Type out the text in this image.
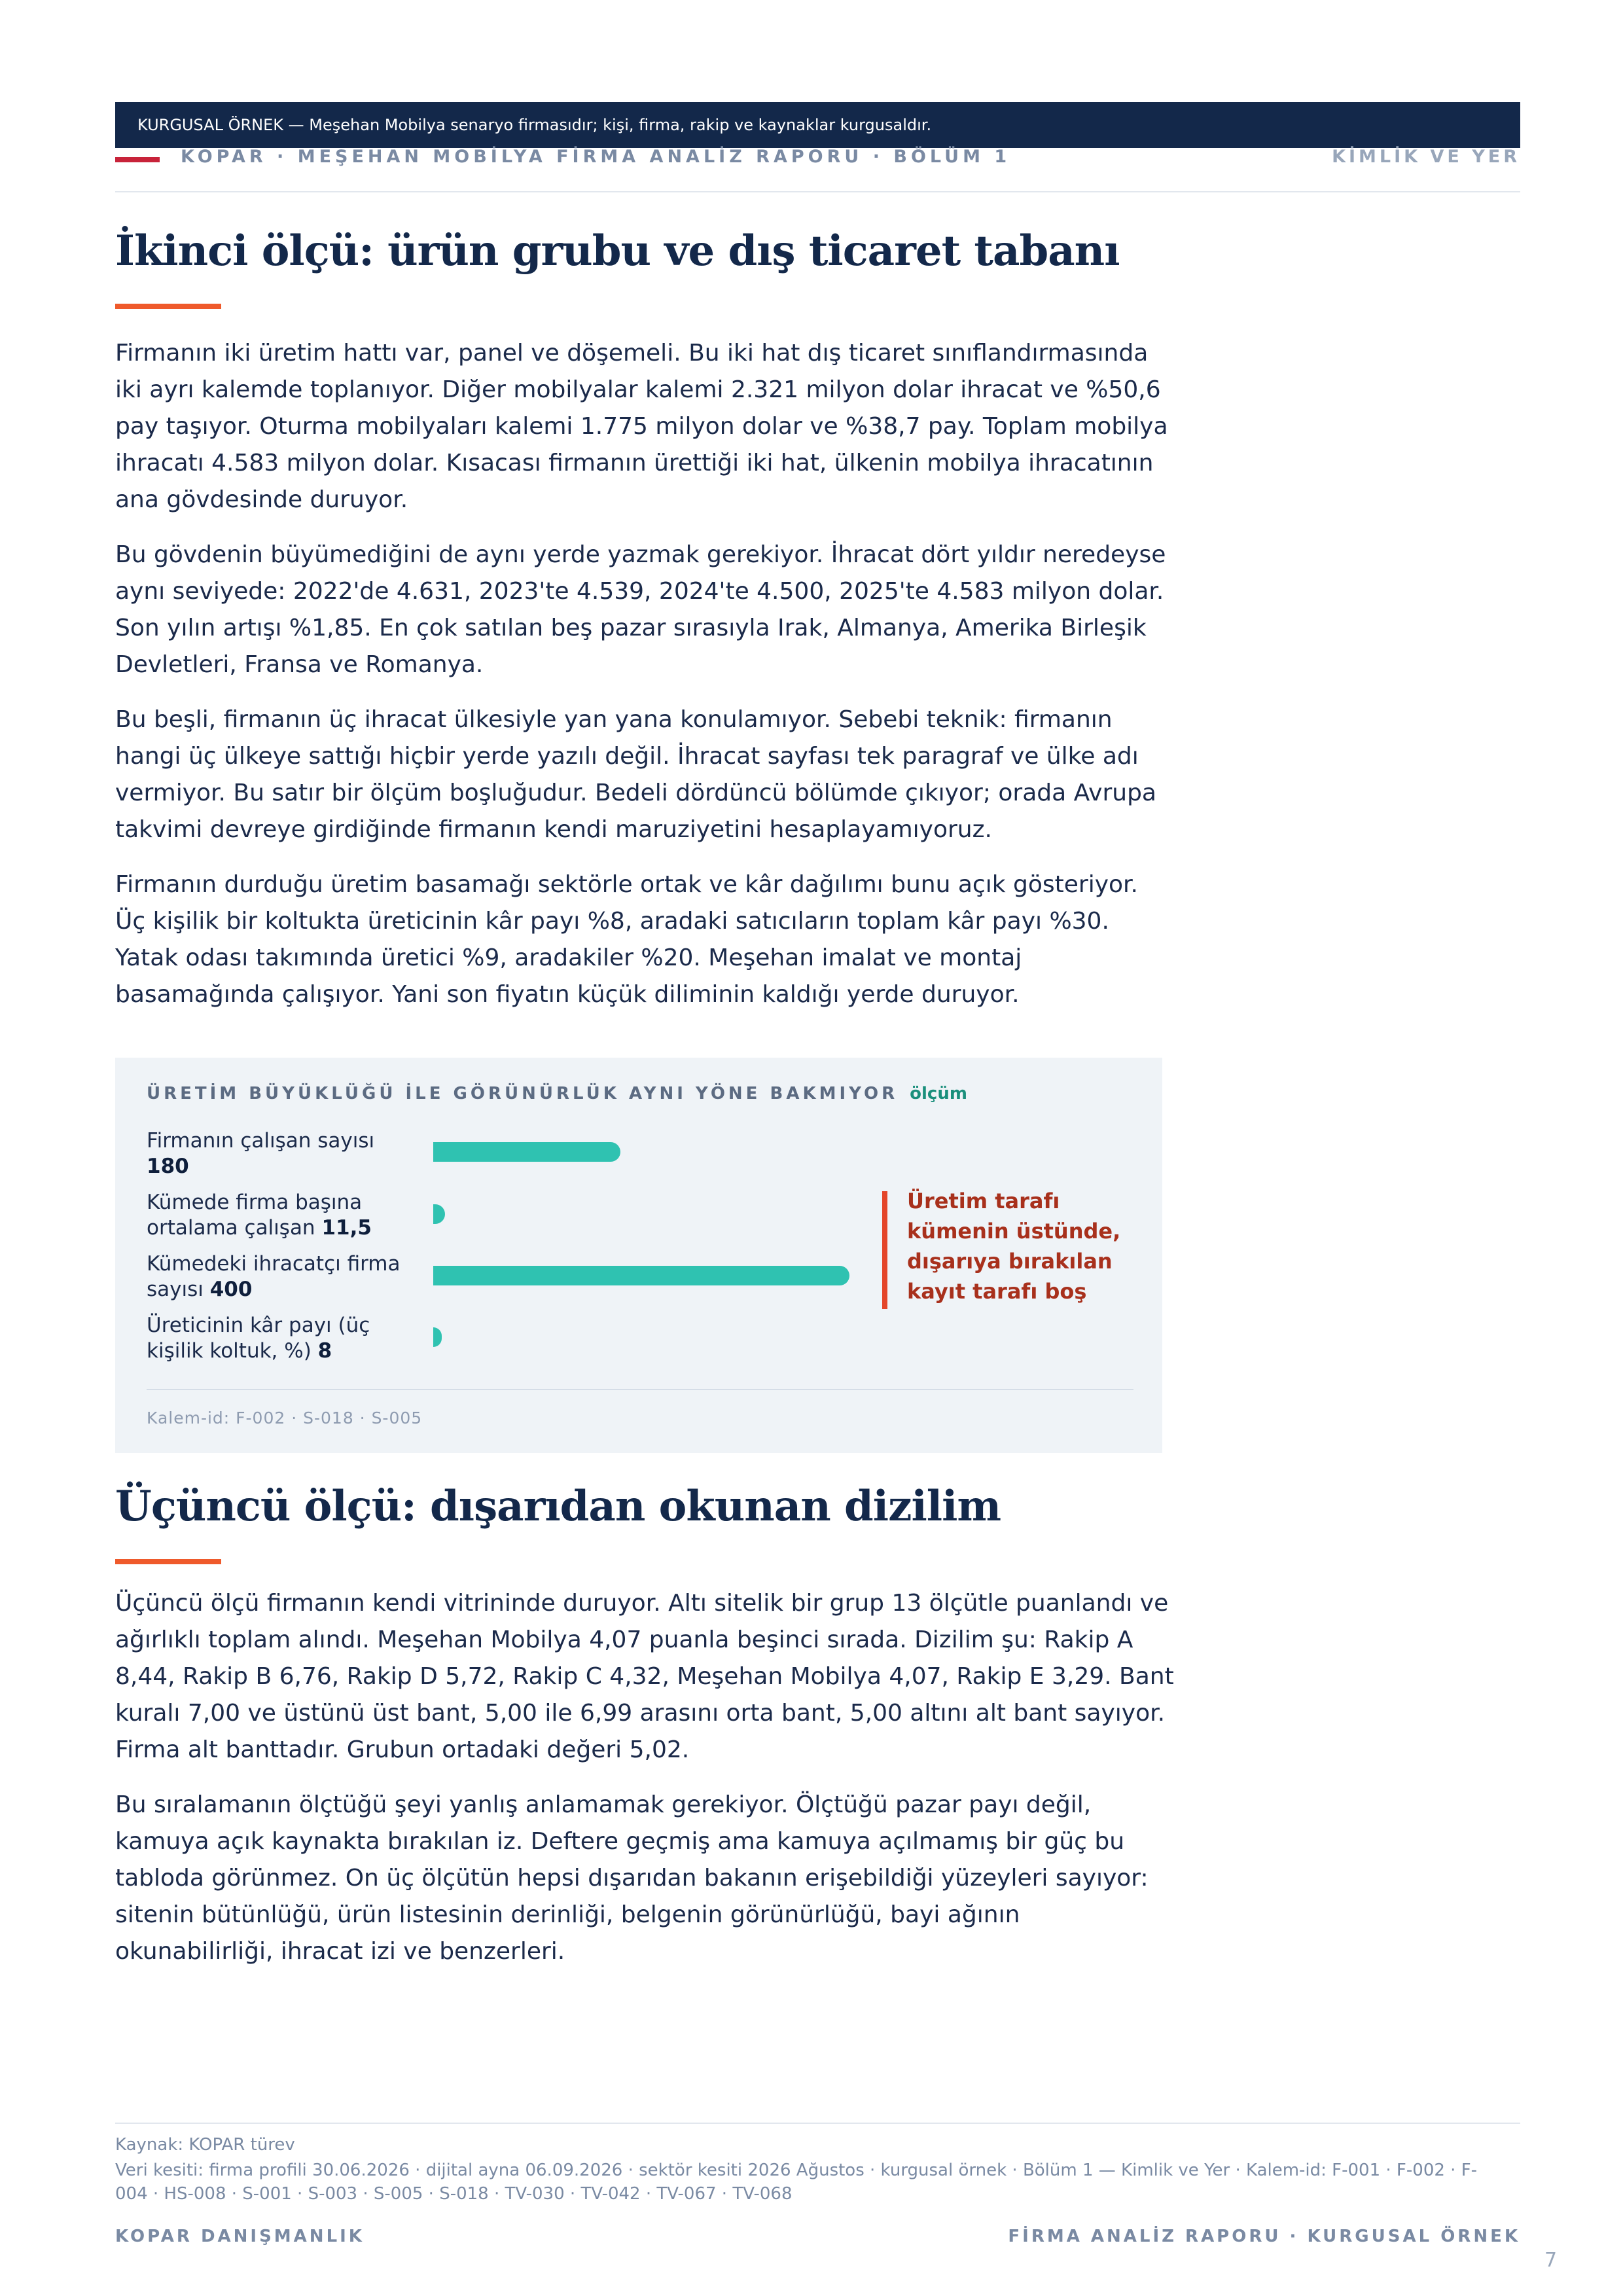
KURGUSAL ÖRNEK — Meşehan Mobilya senaryo firmasıdır; kişi, firma, rakip ve kaynaklar kurgusaldır.
KOPAR · MEŞEHAN MOBİLYA FİRMA ANALİZ RAPORU · BÖLÜM 1	KİMLİK VE YER
İkinci ölçü: ürün grubu ve dış ticaret tabanı

Firmanın iki üretim hattı var, panel ve döşemeli. Bu iki hat dış ticaret sınıflandırmasında iki ayrı kalemde toplanıyor. Diğer mobilyalar kalemi 2.321 milyon dolar ihracat ve %50,6 pay taşıyor. Oturma mobilyaları kalemi 1.775 milyon dolar ve %38,7 pay. Toplam mobilya ihracatı 4.583 milyon dolar. Kısacası firmanın ürettiği iki hat, ülkenin mobilya ihracatının ana gövdesinde duruyor.

Bu gövdenin büyümediğini de aynı yerde yazmak gerekiyor. İhracat dört yıldır neredeyse aynı seviyede: 2022'de 4.631, 2023'te 4.539, 2024'te 4.500, 2025'te 4.583 milyon dolar. Son yılın artışı %1,85. En çok satılan beş pazar sırasıyla Irak, Almanya, Amerika Birleşik Devletleri, Fransa ve Romanya.

Bu beşli, firmanın üç ihracat ülkesiyle yan yana konulamıyor. Sebebi teknik: firmanın hangi üç ülkeye sattığı hiçbir yerde yazılı değil. İhracat sayfası tek paragraf ve ülke adı vermiyor. Bu satır bir ölçüm boşluğudur. Bedeli dördüncü bölümde çıkıyor; orada Avrupa takvimi devreye girdiğinde firmanın kendi maruziyetini hesaplayamıyoruz.

Firmanın durduğu üretim basamağı sektörle ortak ve kâr dağılımı bunu açık gösteriyor. Üç kişilik bir koltukta üreticinin kâr payı %8, aradaki satıcıların toplam kâr payı %30. Yatak odası takımında üretici %9, aradakiler %20. Meşehan imalat ve montaj basamağında çalışıyor. Yani son fiyatın küçük diliminin kaldığı yerde duruyor.

ÜRETİM BÜYÜKLÜĞÜ İLE GÖRÜNÜRLÜK AYNI YÖNE BAKMIYOR ölçüm
Firmanın çalışan sayısı
180
Kümede firma başına
ortalama çalışan 11,5
Kümedeki ihracatçı firma
sayısı 400
Üreticinin kâr payı (üç
kişilik koltuk, %) 8
Üretim tarafı kümenin üstünde, dışarıya bırakılan kayıt tarafı boş
Kalem-id: F-002 · S-018 · S-005
Üçüncü ölçü: dışarıdan okunan dizilim

Üçüncü ölçü firmanın kendi vitrininde duruyor. Altı sitelik bir grup 13 ölçütle puanlandı ve ağırlıklı toplam alındı. Meşehan Mobilya 4,07 puanla beşinci sırada. Dizilim şu: Rakip A 8,44, Rakip B 6,76, Rakip D 5,72, Rakip C 4,32, Meşehan Mobilya 4,07, Rakip E 3,29. Bant kuralı 7,00 ve üstünü üst bant, 5,00 ile 6,99 arasını orta bant, 5,00 altını alt bant sayıyor. Firma alt banttadır. Grubun ortadaki değeri 5,02.

Bu sıralamanın ölçtüğü şeyi yanlış anlamamak gerekiyor. Ölçtüğü pazar payı değil, kamuya açık kaynakta bırakılan iz. Deftere geçmiş ama kamuya açılmamış bir güç bu tabloda görünmez. On üç ölçütün hepsi dışarıdan bakanın erişebildiği yüzeyleri sayıyor: sitenin bütünlüğü, ürün listesinin derinliği, belgenin görünürlüğü, bayi ağının okunabilirliği, ihracat izi ve benzerleri.

Kaynak: KOPAR türev
Veri kesiti: firma profili 30.06.2026 · dijital ayna 06.09.2026 · sektör kesiti 2026 Ağustos · kurgusal örnek · Bölüm 1 — Kimlik ve Yer · Kalem-id: F-001 · F-002 · F-004 · HS-008 · S-001 · S-003 · S-005 · S-018 · TV-030 · TV-042 · TV-067 · TV-068
KOPAR DANIŞMANLIK	FİRMA ANALİZ RAPORU · KURGUSAL ÖRNEK
7
